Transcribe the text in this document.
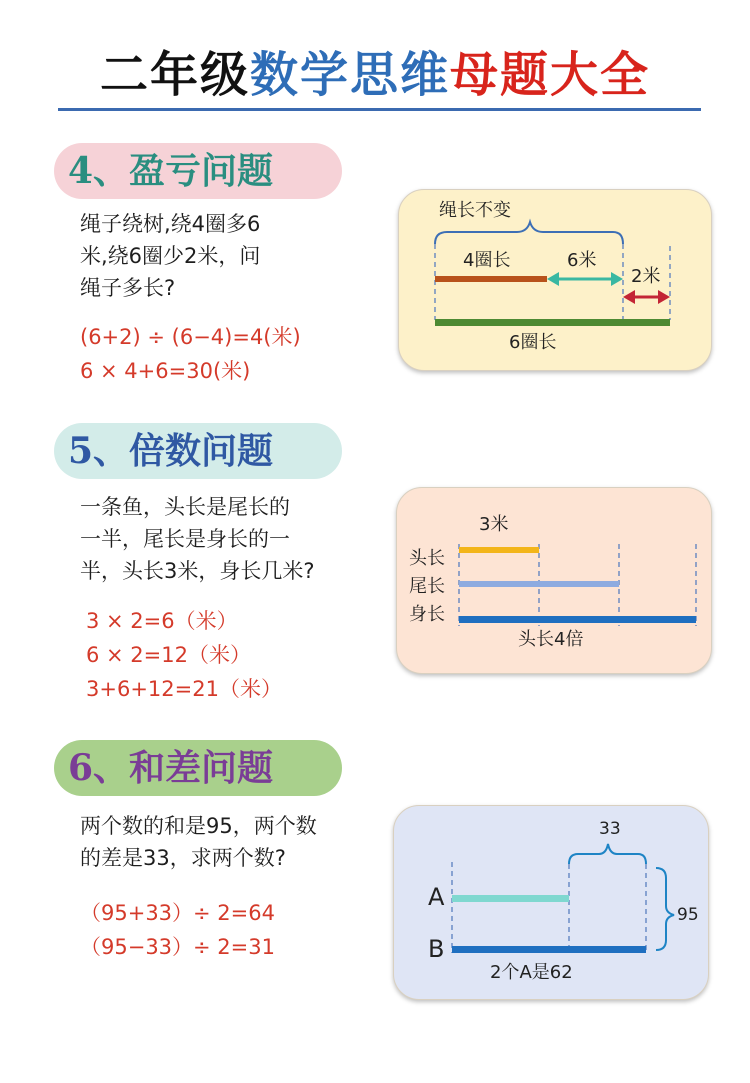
二年级数学思维母题大全
4、盈亏问题

绳子绕树,绕4圈多6
米,绕6圈少2米，问
绳子多长?

(6+2) ÷ (6−4)=4(米)
6 × 4+6=30(米)
绳长不变
4圈长	6米
2米
6圈长
5、倍数问题

一条鱼，头长是尾长的
一半，尾长是身长的一
半，头长3米，身长几米?

3 × 2=6（米）
6 × 2=12（米）
3+6+12=21（米）
3米
头长
尾长
身长
头长4倍
6、和差问题

两个数的和是95，两个数
的差是33，求两个数?

（95+33）÷ 2=64
（95−33）÷ 2=31
33
A
B
95
2个A是62
